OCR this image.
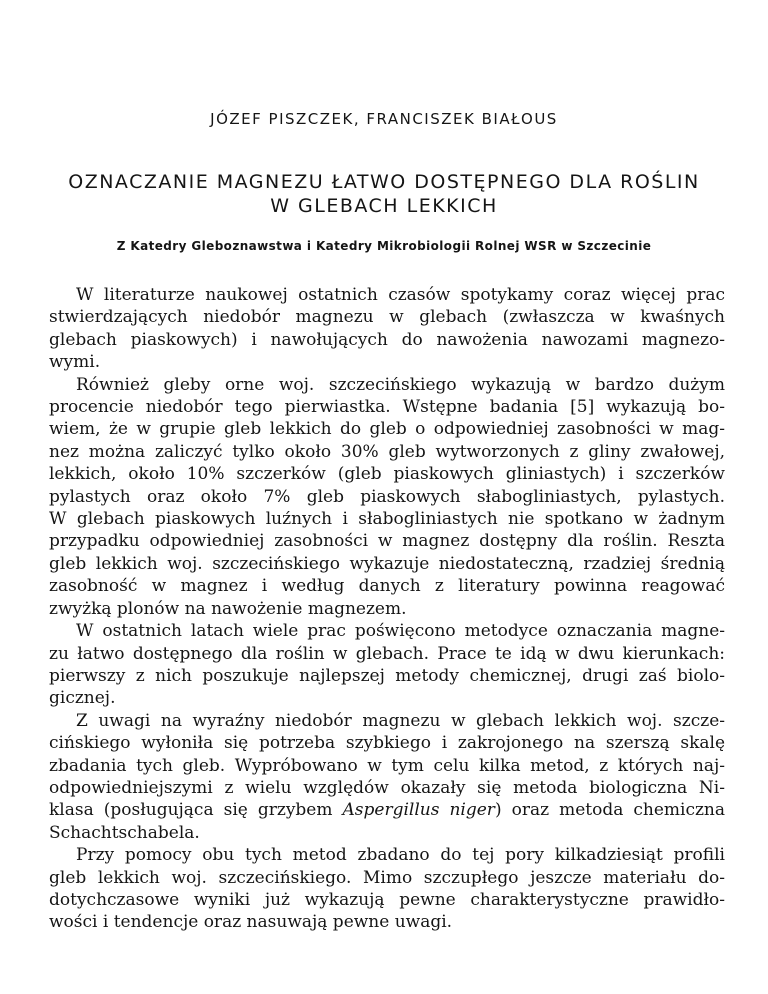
JÓZEF PISZCZEK, FRANCISZEK BIAŁOUS
OZNACZANIE MAGNEZU ŁATWO DOSTĘPNEGO DLA ROŚLIN
W GLEBACH LEKKICH
Z Katedry Gleboznawstwa i Katedry Mikrobiologii Rolnej WSR w Szczecinie
W literaturze naukowej ostatnich czasów spotykamy coraz więcej prac
stwierdzających niedobór magnezu w glebach (zwłaszcza w kwaśnych
glebach piaskowych) i nawołujących do nawożenia nawozami magnezo-
wymi.
Również gleby orne woj. szczecińskiego wykazują w bardzo dużym
procencie niedobór tego pierwiastka. Wstępne badania [5] wykazują bo-
wiem, że w grupie gleb lekkich do gleb o odpowiedniej zasobności w mag-
nez można zaliczyć tylko około 30% gleb wytworzonych z gliny zwałowej,
lekkich, około 10% szczerków (gleb piaskowych gliniastych) i szczerków
pylastych oraz około 7% gleb piaskowych słabogliniastych, pylastych.
W glebach piaskowych luźnych i słabogliniastych nie spotkano w żadnym
przypadku odpowiedniej zasobności w magnez dostępny dla roślin. Reszta
gleb lekkich woj. szczecińskiego wykazuje niedostateczną, rzadziej średnią
zasobność w magnez i według danych z literatury powinna reagować
zwyżką plonów na nawożenie magnezem.
W ostatnich latach wiele prac poświęcono metodyce oznaczania magne-
zu łatwo dostępnego dla roślin w glebach. Prace te idą w dwu kierunkach:
pierwszy z nich poszukuje najlepszej metody chemicznej, drugi zaś biolo-
gicznej.
Z uwagi na wyraźny niedobór magnezu w glebach lekkich woj. szcze-
cińskiego wyłoniła się potrzeba szybkiego i zakrojonego na szerszą skalę
zbadania tych gleb. Wypróbowano w tym celu kilka metod, z których naj-
odpowiedniejszymi z wielu względów okazały się metoda biologiczna Ni-
klasa (posługująca się grzybem Aspergillus niger) oraz metoda chemiczna
Schachtschabela.
Przy pomocy obu tych metod zbadano do tej pory kilkadziesiąt profili
gleb lekkich woj. szczecińskiego. Mimo szczupłego jeszcze materiału do-
dotychczasowe wyniki już wykazują pewne charakterystyczne prawidło-
wości i tendencje oraz nasuwają pewne uwagi.
